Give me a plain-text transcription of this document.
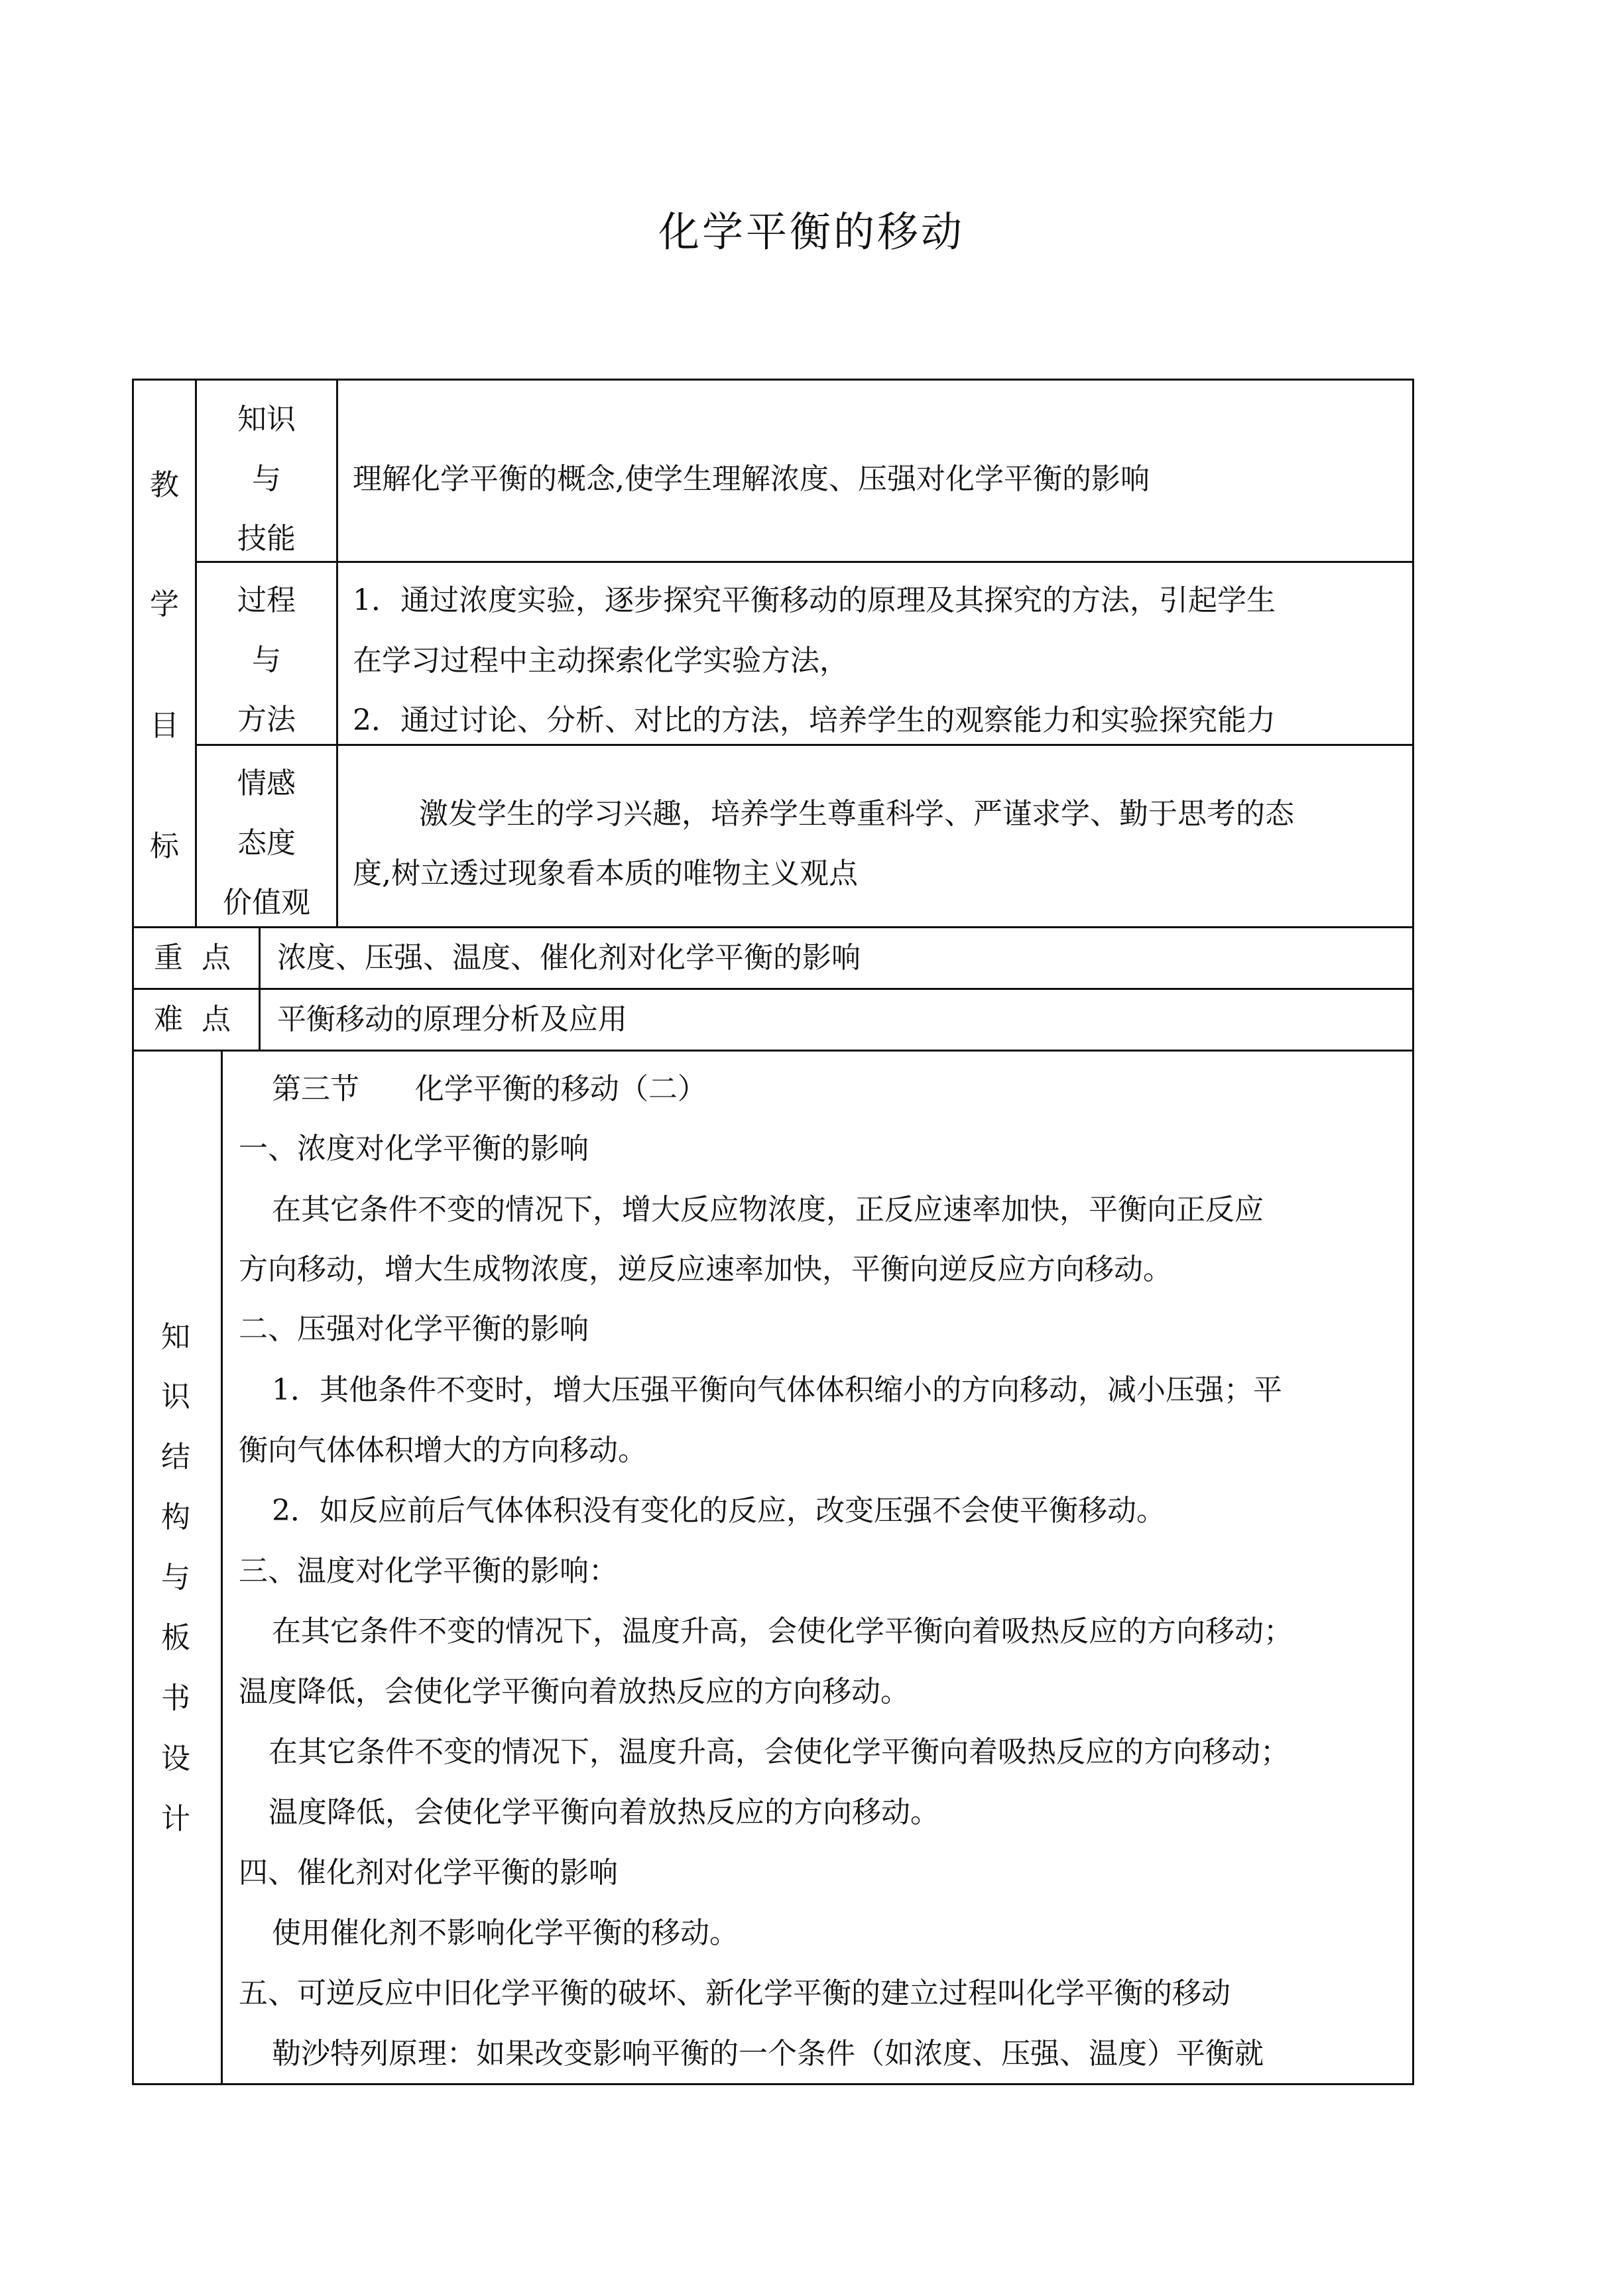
化学平衡的移动
教
学
目
标
知识
与
技能
理解化学平衡的概念,使学生理解浓度、压强对化学平衡的影响
过程
与
方法
1．通过浓度实验，逐步探究平衡移动的原理及其探究的方法，引起学生
在学习过程中主动探索化学实验方法，
2．通过讨论、分析、对比的方法，培养学生的观察能力和实验探究能力
情感
态度
价值观
激发学生的学习兴趣，培养学生尊重科学、严谨求学、勤于思考的态
度,树立透过现象看本质的唯物主义观点
重  点 浓度、压强、温度、催化剂对化学平衡的影响
难  点 平衡移动的原理分析及应用
知
识
结
构
与
板
书
设
计
第三节      化学平衡的移动（二）
一、浓度对化学平衡的影响
在其它条件不变的情况下，增大反应物浓度，正反应速率加快，平衡向正反应
方向移动，增大生成物浓度，逆反应速率加快，平衡向逆反应方向移动。
二、压强对化学平衡的影响
1．其他条件不变时，增大压强平衡向气体体积缩小的方向移动，减小压强；平
衡向气体体积增大的方向移动。
2．如反应前后气体体积没有变化的反应，改变压强不会使平衡移动。
三、温度对化学平衡的影响：
在其它条件不变的情况下，温度升高，会使化学平衡向着吸热反应的方向移动；
温度降低，会使化学平衡向着放热反应的方向移动。
在其它条件不变的情况下，温度升高，会使化学平衡向着吸热反应的方向移动；
温度降低，会使化学平衡向着放热反应的方向移动。
四、催化剂对化学平衡的影响
使用催化剂不影响化学平衡的移动。
五、可逆反应中旧化学平衡的破坏、新化学平衡的建立过程叫化学平衡的移动
勒沙特列原理：如果改变影响平衡的一个条件（如浓度、压强、温度）平衡就
